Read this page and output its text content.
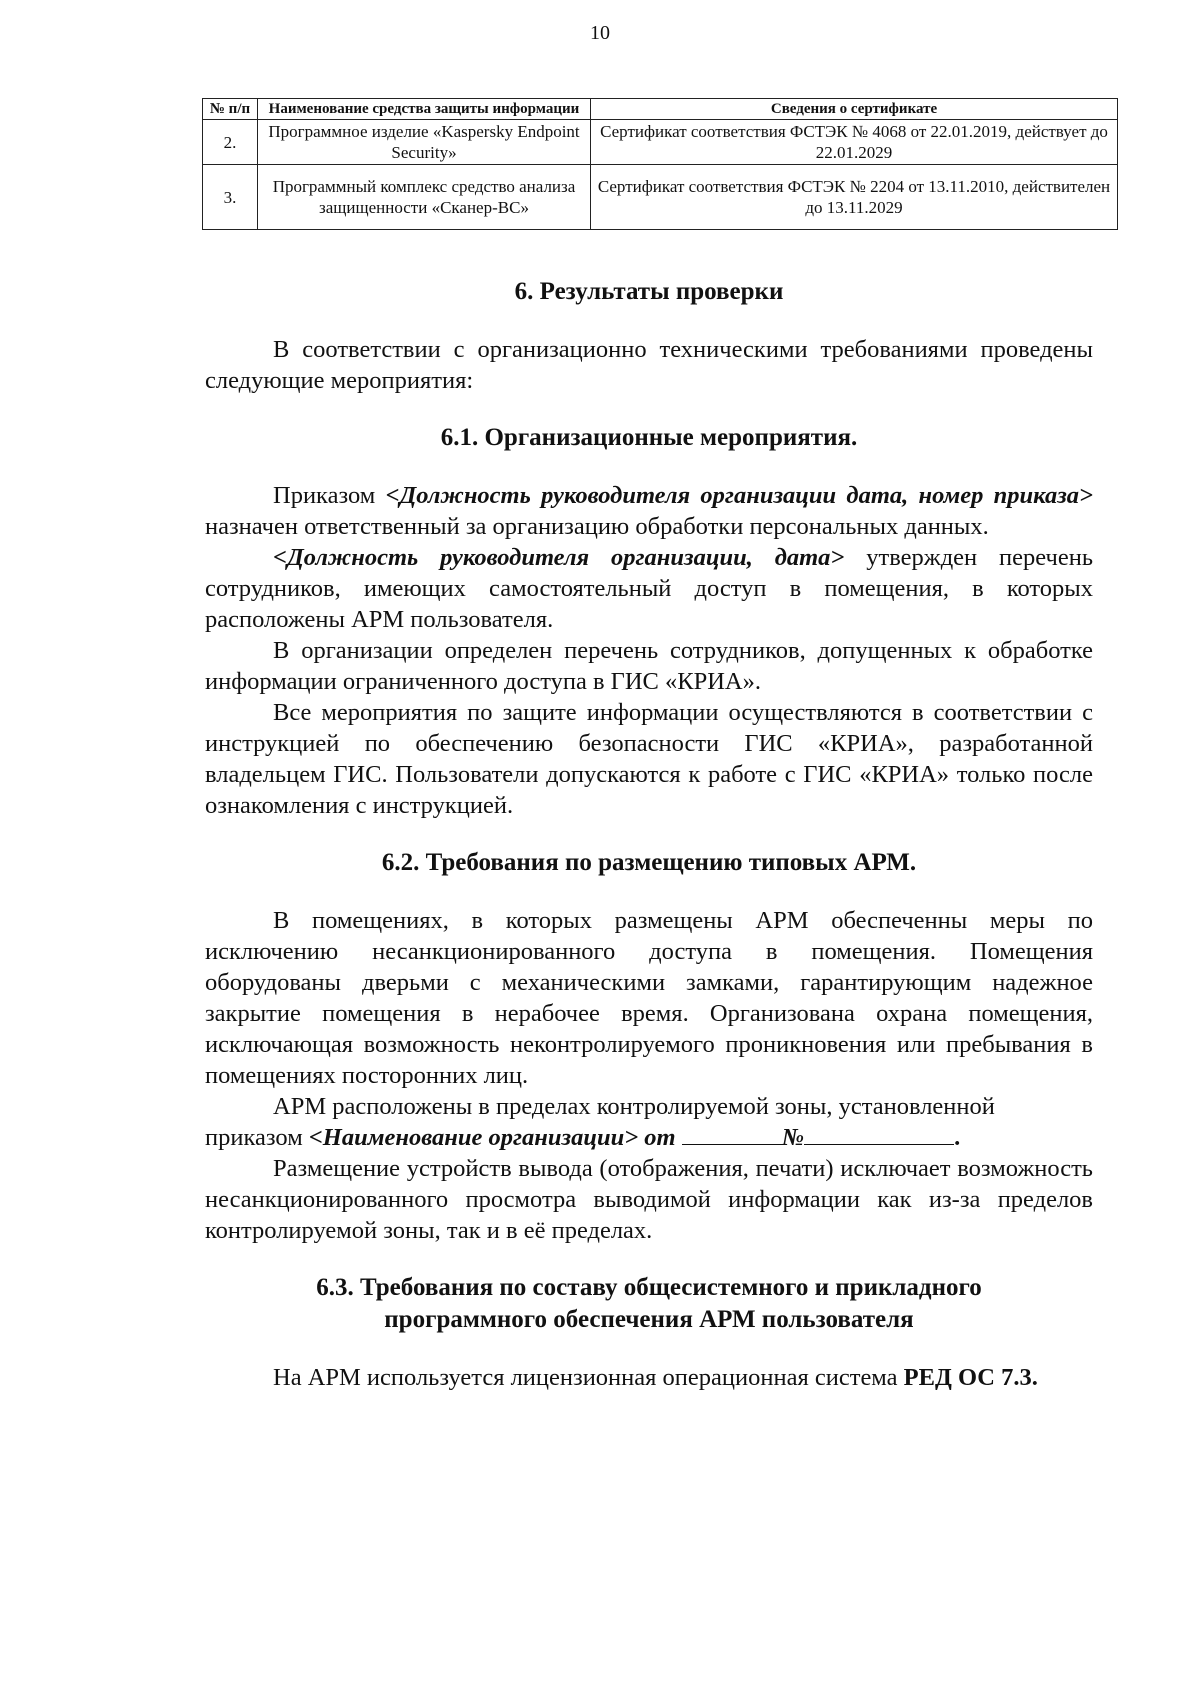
10
№ п/п	Наименование средства защиты информации	Сведения о сертификате
2.	Программное изделие «Kaspersky Endpoint Security»	Сертификат соответствия ФСТЭК № 4068 от 22.01.2019, действует до 22.01.2029
3.	Программный комплекс средство анализа защищенности «Сканер-ВС»	Сертификат соответствия ФСТЭК № 2204 от 13.11.2010, действителен до 13.11.2029
6. Результаты проверки

В соответствии с организационно техническими требованиями проведены следующие мероприятия:

6.1. Организационные мероприятия.

Приказом <Должность руководителя организации дата, номер приказа> назначен ответственный за организацию обработки персональных данных.

<Должность руководителя организации, дата> утвержден перечень сотрудников, имеющих самостоятельный доступ в помещения, в которых расположены АРМ пользователя.

В организации определен перечень сотрудников, допущенных к обработке информации ограниченного доступа в ГИС «КРИА».

Все мероприятия по защите информации осуществляются в соответствии с инструкцией по обеспечению безопасности ГИС «КРИА», разработанной владельцем ГИС. Пользователи допускаются к работе с ГИС «КРИА» только после ознакомления с инструкцией.

6.2. Требования по размещению типовых АРМ.

В помещениях, в которых размещены АРМ обеспеченны меры по исключению несанкционированного доступа в помещения. Помещения оборудованы дверьми с механическими замками, гарантирующим надежное закрытие помещения в нерабочее время. Организована охрана помещения, исключающая возможность неконтролируемого проникновения или пребывания в помещениях посторонних лиц.

АРМ расположены в пределах контролируемой зоны, установленной приказом <Наименование организации> от	№	.

Размещение устройств вывода (отображения, печати) исключает возможность несанкционированного просмотра выводимой информации как из-за пределов контролируемой зоны, так и в её пределах.

6.3. Требования по составу общесистемного и прикладного
программного обеспечения АРМ пользователя

На АРМ используется лицензионная операционная система РЕД ОС 7.3.
